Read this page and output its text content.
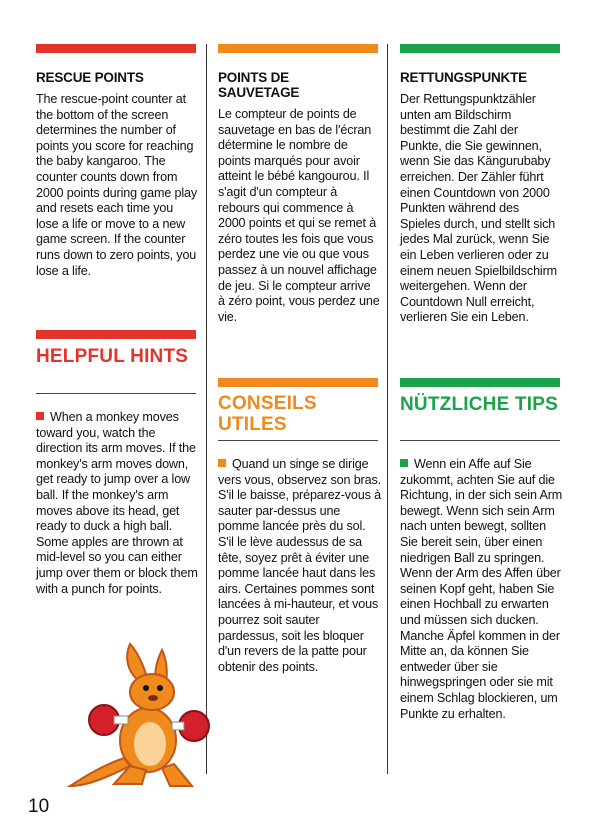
RESCUE POINTS

The rescue-point counter at the bottom of the screen determines the number of points you score for reaching the baby kangaroo. The counter counts down from 2000 points during game play and resets each time you lose a life or move to a new game screen. If the counter runs down to zero points, you lose a life.

HELPFUL HINTS

When a monkey moves toward you, watch the direction its arm moves. If the monkey's arm moves down, get ready to jump over a low ball. If the monkey's arm moves above its head, get ready to duck a high ball. Some apples are thrown at mid-level so you can either jump over them or block them with a punch for points.

POINTS DE SAUVETAGE

Le compteur de points de sauvetage en bas de l'écran détermine le nombre de points marqués pour avoir atteint le bébé kangourou. Il s'agit d'un compteur à rebours qui commence à 2000 points et qui se remet à zéro toutes les fois que vous perdez une vie ou que vous passez à un nouvel affichage de jeu. Si le compteur arrive à zéro point, vous perdez une vie.

CONSEILS UTILES

Quand un singe se dirige vers vous, observez son bras. S'il le baisse, préparez-vous à sauter par-dessus une pomme lancée près du sol. S'il le lève audessus de sa tête, soyez prêt à éviter une pomme lancée haut dans les airs. Certaines pommes sont lancées à mi-hauteur, et vous pourrez soit sauter pardessus, soit les bloquer d'un revers de la patte pour obtenir des points.

RETTUNGSPUNKTE

Der Rettungspunktzähler unten am Bildschirm bestimmt die Zahl der Punkte, die Sie gewinnen, wenn Sie das Kängurubaby erreichen. Der Zähler führt einen Countdown von 2000 Punkten während des Spieles durch, und stellt sich jedes Mal zurück, wenn Sie ein Leben verlieren oder zu einem neuen Spielbildschirm weitergehen. Wenn der Countdown Null erreicht, verlieren Sie ein Leben.

NÜTZLICHE TIPS

Wenn ein Affe auf Sie zukommt, achten Sie auf die Richtung, in der sich sein Arm bewegt. Wenn sich sein Arm nach unten bewegt, sollten Sie bereit sein, über einen niedrigen Ball zu springen. Wenn der Arm des Affen über seinen Kopf geht, haben Sie einen Hochball zu erwarten und müssen sich ducken. Manche Äpfel kommen in der Mitte an, da können Sie entweder über sie hinwegspringen oder sie mit einem Schlag blockieren, um Punkte zu erhalten.

10
